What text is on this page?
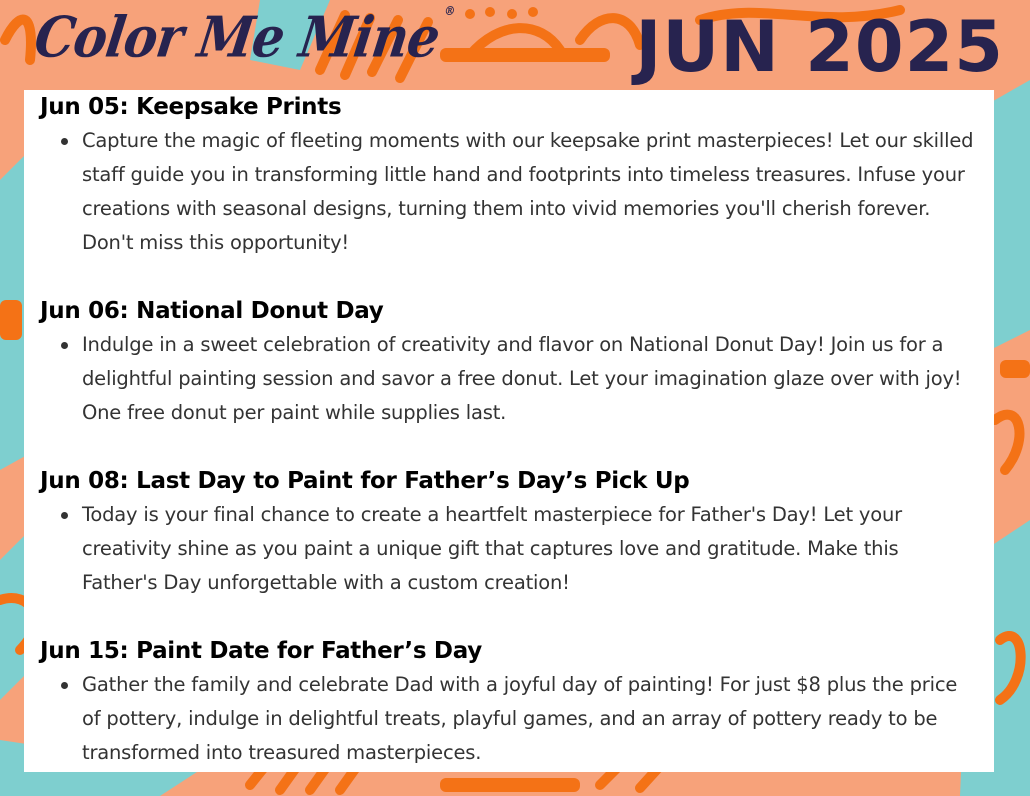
Color Me Mine®	JUN 2025
Jun 05: Keepsake Prints
Capture the magic of fleeting moments with our keepsake print masterpieces! Let our skilled staff guide you in transforming little hand and footprints into timeless treasures. Infuse your creations with seasonal designs, turning them into vivid memories you'll cherish forever. Don't miss this opportunity!
Jun 06: National Donut Day
Indulge in a sweet celebration of creativity and flavor on National Donut Day! Join us for a delightful painting session and savor a free donut. Let your imagination glaze over with joy! One free donut per paint while supplies last.
Jun 08: Last Day to Paint for Father’s Day’s Pick Up
Today is your final chance to create a heartfelt masterpiece for Father's Day! Let your creativity shine as you paint a unique gift that captures love and gratitude. Make this Father's Day unforgettable with a custom creation!
Jun 15: Paint Date for Father’s Day
Gather the family and celebrate Dad with a joyful day of painting! For just $8 plus the price of pottery, indulge in delightful treats, playful games, and an array of pottery ready to be transformed into treasured masterpieces.
